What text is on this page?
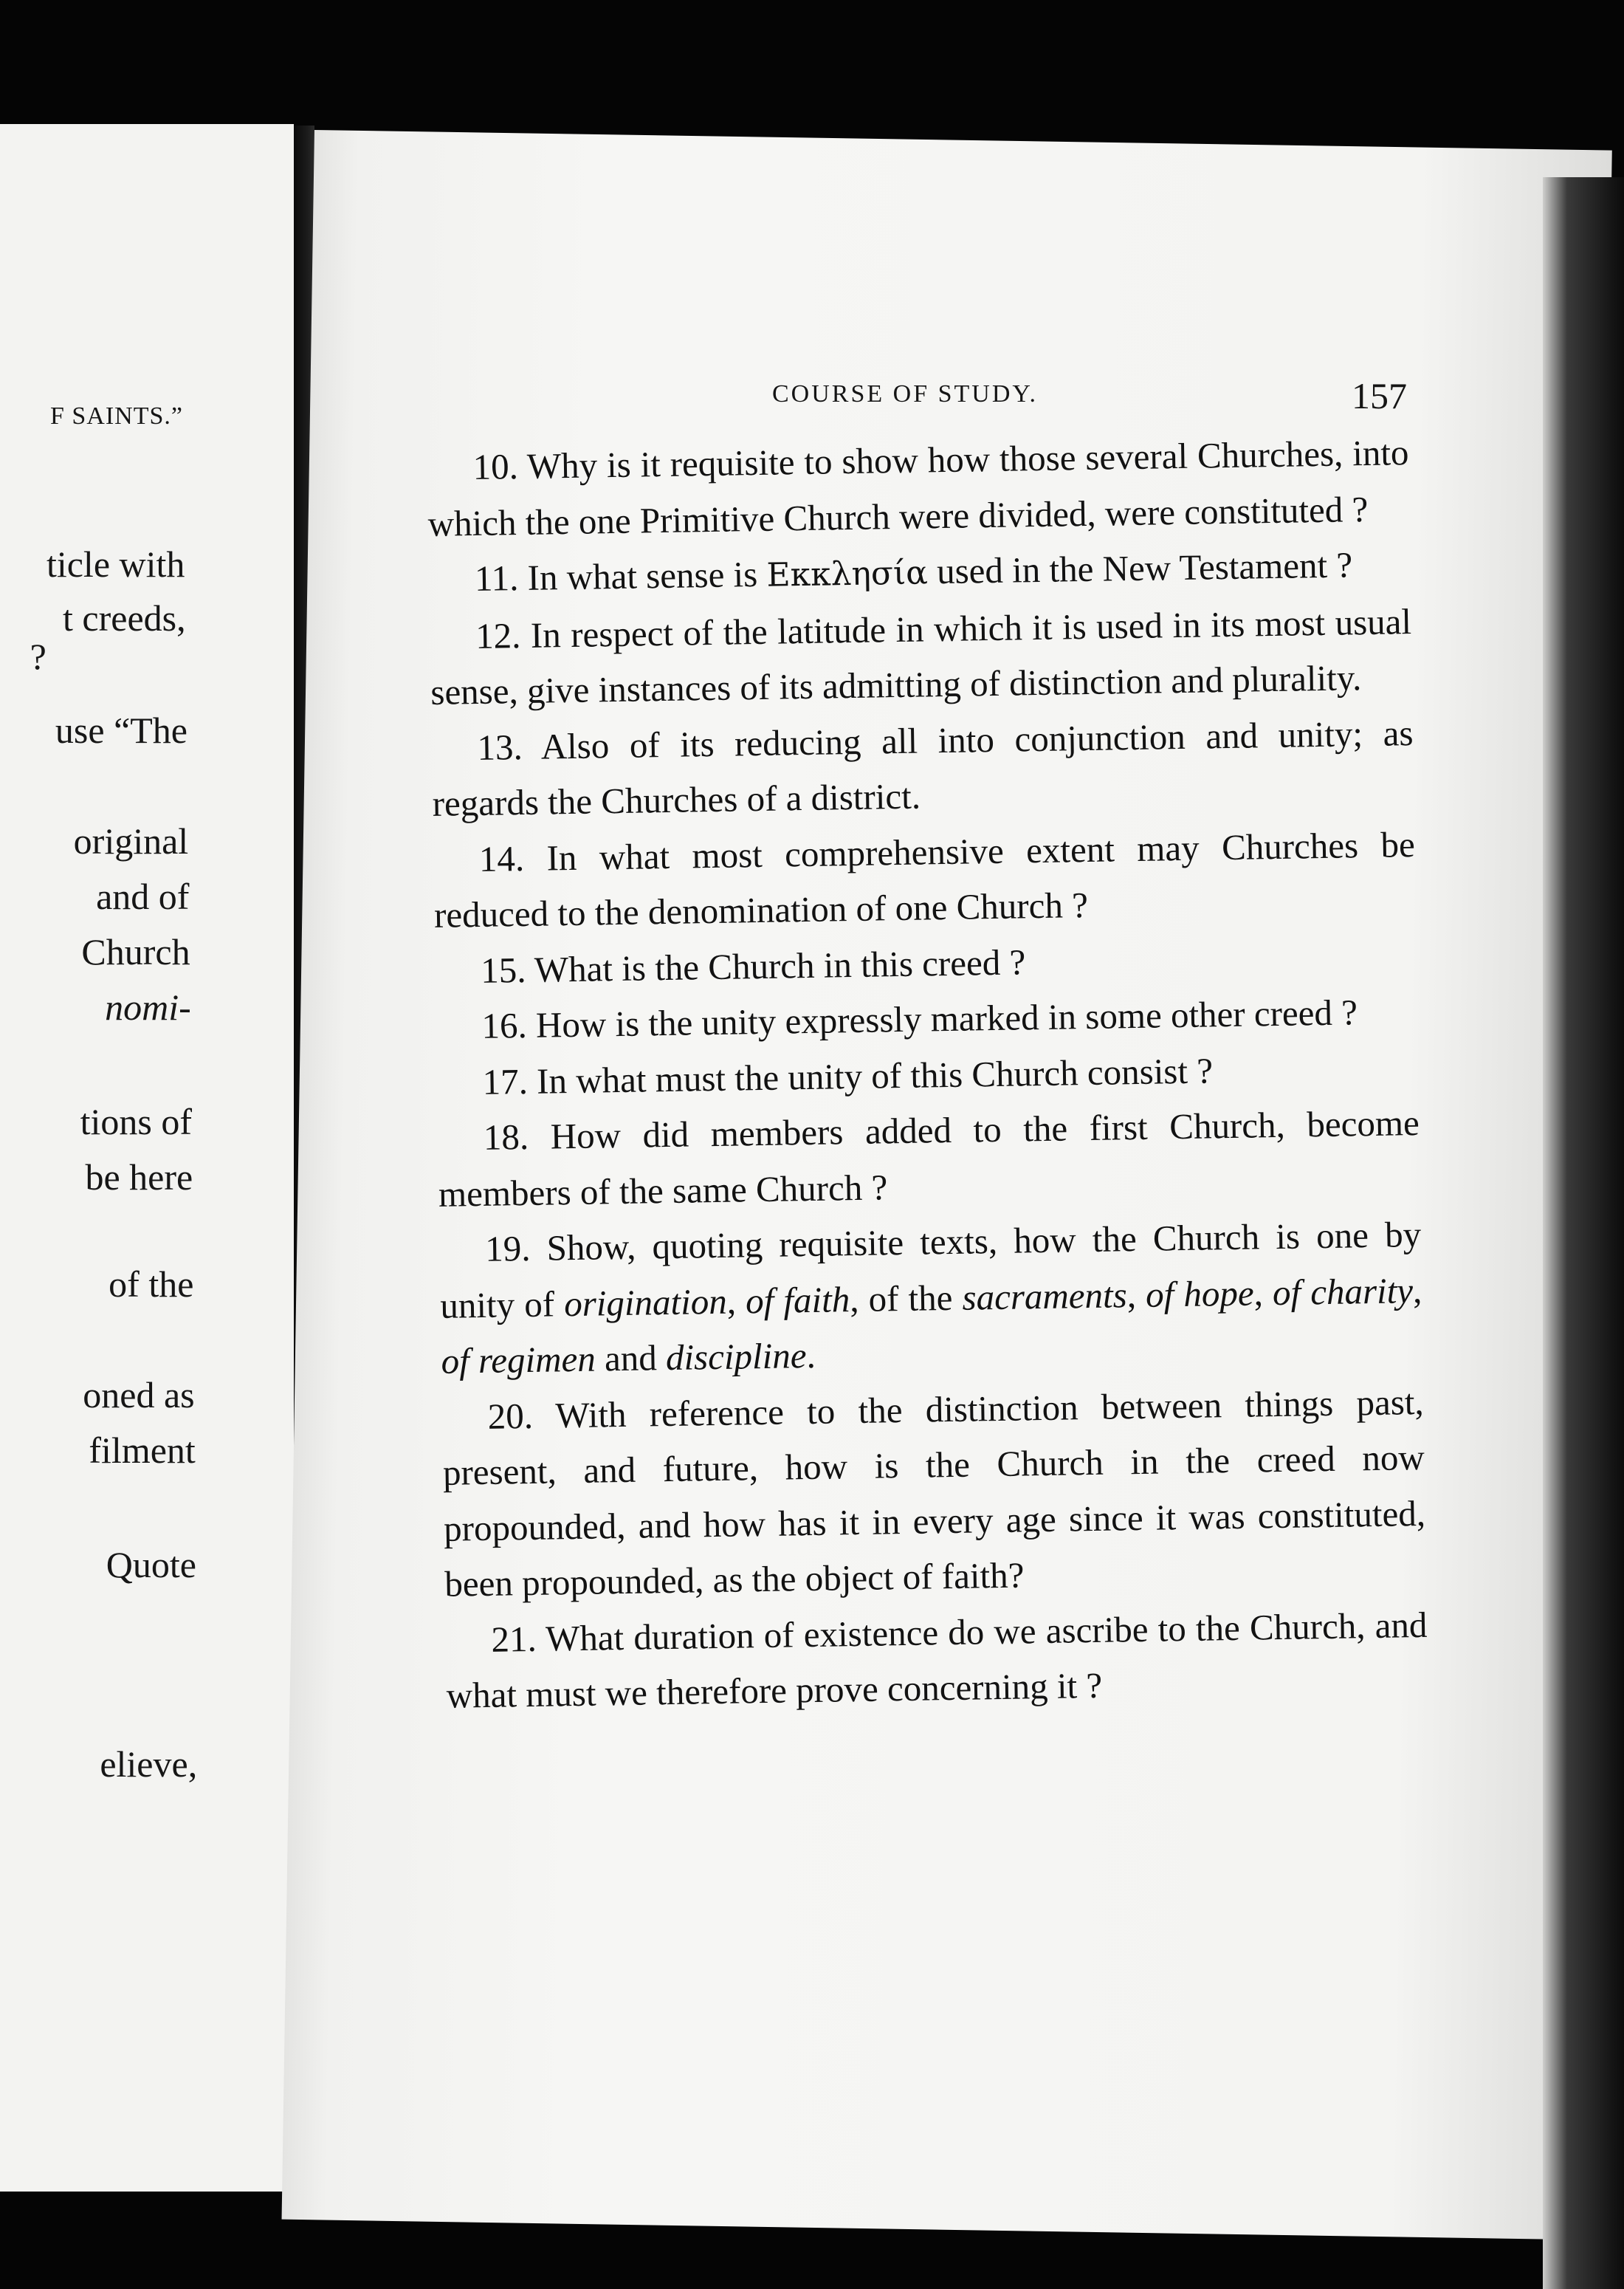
F SAINTS.”
ticle with
t creeds,
?
use “The
original
and of
Church
nomi-
tions of
be here
of the
oned as
filment
Quote
elieve,
COURSE OF STUDY.	157

10. Why is it requisite to show how those several Churches, into which the one Primitive Church were divided, were constituted ?

11. In what sense is Εκκλησία used in the New Testament ?

12. In respect of the latitude in which it is used in its most usual sense, give instances of its admitting of distinction and plurality.

13. Also of its reducing all into conjunction and unity; as regards the Churches of a district.

14. In what most comprehensive extent may Churches be reduced to the denomination of one Church ?

15. What is the Church in this creed ?

16. How is the unity expressly marked in some other creed ?

17. In what must the unity of this Church consist ?

18. How did members added to the first Church, become members of the same Church ?

19. Show, quoting requisite texts, how the Church is one by unity of origination, of faith, of the sacraments, of hope, of charity, of regimen and discipline.

20. With reference to the distinction between things past, present, and future, how is the Church in the creed now propounded, and how has it in every age since it was constituted, been propounded, as the object of faith?

21. What duration of existence do we ascribe to the Church, and what must we therefore prove concerning it ?
